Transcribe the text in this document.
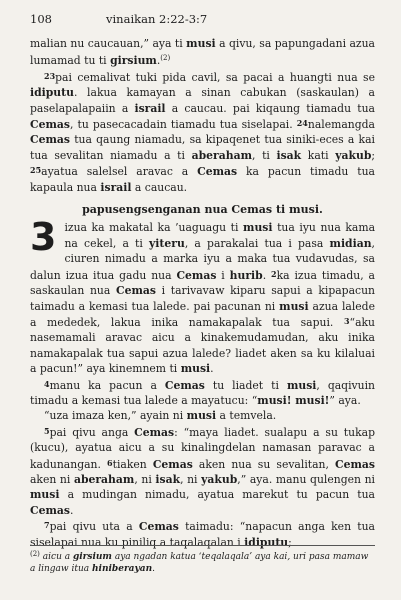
108	vinaikan 2:22-3:7

malian nu caucauan,” aya ti musi a qivu, sa papungadani azua lumamad tu ti girsium.$^{(2)}$

23pai cemalivat tuki pida cavil, sa pacai a huangti nua se idiputu. lakua kamayan a sinan cabukan (saskaulan) a paselapalapaiin a israil a caucau. pai kiqaung tiamadu tua Cemas, tu pasecacadain tiamadu tua siselapai. 24nalemangda Cemas tua qaung niamadu, sa kipaqenet tua siniki-eces a kai tua sevalitan niamadu a ti aberaham, ti isak kati yakub; 25ayatua salelsel aravac a Cemas ka pacun timadu tua kapaula nua israil a caucau.

papusengsenganan nua Cemas ti musi.

3 izua ka makatal ka ’uaguagu ti musi tua iyu nua kama na cekel, a ti yiteru, a parakalai tua i pasa midian, ciuren nimadu a marka iyu a maka tua vudavudas, sa dalun izua ituа gadu nua Cemas i hurib. 2ka izua timadu, a saskaulan nua Cemas i tarivavaw kiparu sapui a kipapacun taimadu a kemasi tua lalede. pai pacunan ni musi azua lalede a mededek, lakua inika namakapalak tua sapui. 3“aku nasemamali aravac aicu a kinakemudamudan, aku inika namakapalak tua sapui azua lalede? liadet aken sa ku kilaluai a pacun!” aya kinemnem ti musi.

4manu ka pacun a Cemas tu liadet ti musi, qaqivuin timadu a kemasi tua lalede a mayatucu: “musi! musi!” aya.

“uza imaza ken,” ayain ni musi a temvela.

5pai qivu anga Cemas: “maya liadet. sualapu a su tukap (kucu), ayatua aicu a su kinalingdelan namasan paravac a kadunangan. 6tiaken Cemas aken nua su sevalitan, Cemas aken ni aberaham, ni isak, ni yakub,” aya. manu qulengen ni musi a mudingan nimadu, ayatua marekut tu pacun tua Cemas.

7pai qivu uta a Cemas taimadu: “napacun anga ken tua siselapai nua ku piniliq a taqalaqalan i idiputu;

$^{(2)}$ aicu a girsium aya ngadan katua ‘teqalaqala’ aya kai, uri pasa mamaw a lingaw itua hiniberayan.
